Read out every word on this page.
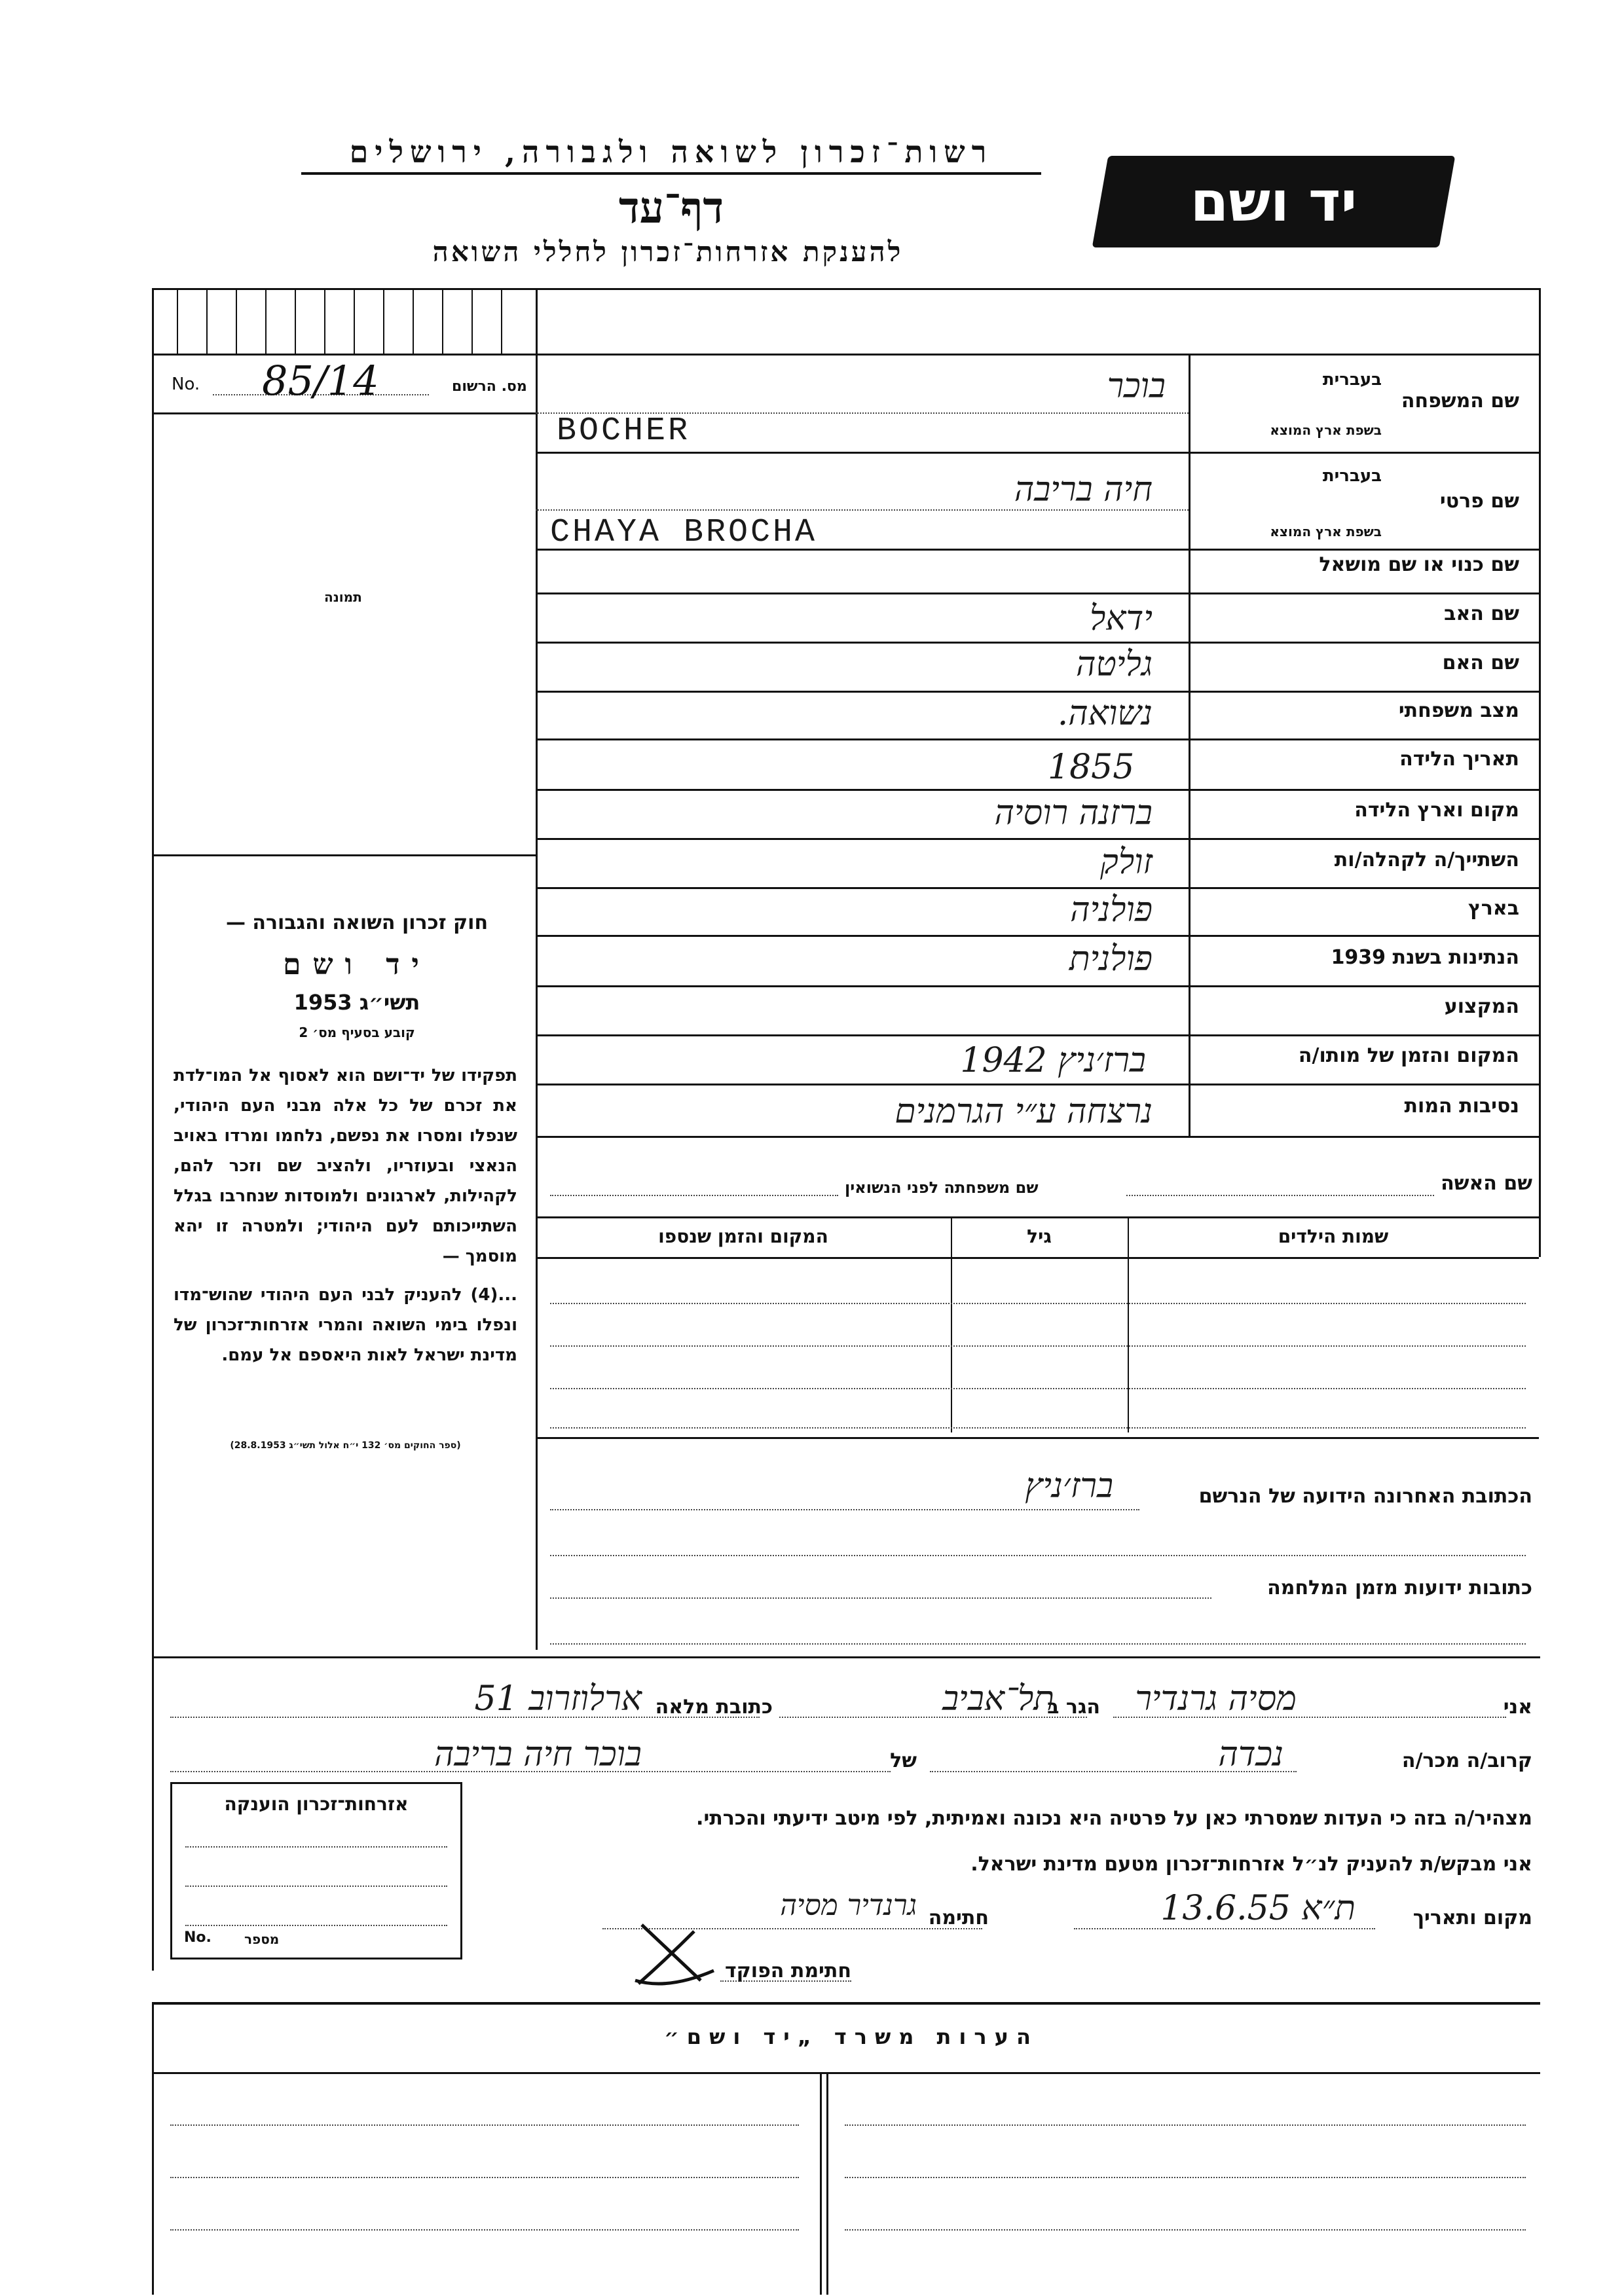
רשות־זכרון לשואה ולגבורה, ירושלים
דף־עד
להענקת אזרחות־זכרון לחללי השואה
יד ושם
No. 85/14	מס. הרשום
תמונה
שם המשפחה
בעברית
בשפת ארץ המוצא
בוכר
BOCHER
שם פרטי
בעברית
בשפת ארץ המוצא
חיה בריבה
CHAYA BROCHA
שם כנוי או שם מושאל
שם האב
ידאל
שם האם
גליטה
מצב משפחתי
נשואה.
תאריך הלידה
1855
מקום וארץ הלידה
ברזנה רוסיה
השתייך/ה לקהלה/ות
זולק
בארץ
פולניה
הנתינות בשנת 1939
פולנית
המקצוע
המקום והזמן של מותו/ה
ברז׳ניץ 1942
נסיבות המות
נרצחה ע״י הגרמנים
שם האשה
שם משפחתה לפני הנשואין
שמות הילדים
גיל
המקום והזמן שנספו
הכתובת האחרונה הידועה של הנרשם
ברז׳ניץ
כתובות ידועות מזמן המלחמה
חוק זכרון השואה והגבורה —
יד ושם
תשי״ג 1953
קובע בסעיף מס׳ 2
תפקידו של יד־ושם הוא לאסוף אל המו־לדת את זכרם של כל אלה מבני העם היהודי, שנפלו ומסרו את נפשם, נלחמו ומרדו באויב הנאצי ובעוזריו, ולהציב שם וזכר להם, לקהילות, לארגונים ולמוסדות שנחרבו בגלל השתייכותם לעם היהודי; ולמטרה זו יהא מוסמך —
...(4) להעניק לבני העם היהודי שהוש־מדו ונפלו בימי השואה והמרי אזרחות־זכרון של מדינת ישראל לאות היאספם אל עמם.
(ספר החוקים מס׳ 132 י״ח אלול תשי״ג 28.8.1953)
אני
מסיה גרנדיר
הגר ב
תל־אביב
כתובת מלאה
ארלוזרוב 51
קרוב/ה מכר/ה
נכדה
של
בוכר חיה בריבה
מצהיר/ה בזה כי העדות שמסרתי כאן על פרטיה היא נכונה ואמיתית, לפי מיטב ידיעתי והכרתי.
אני מבקש/ת להעניק לנ״ל אזרחות־זכרון מטעם מדינת ישראל.
מקום ותאריך
ת״א 13.6.55
חתימה
גרנדיר מסיה
חתימת הפוקד
אזרחות־זכרון הוענקה
No.	מספר
הערות משרד „יד ושם״
